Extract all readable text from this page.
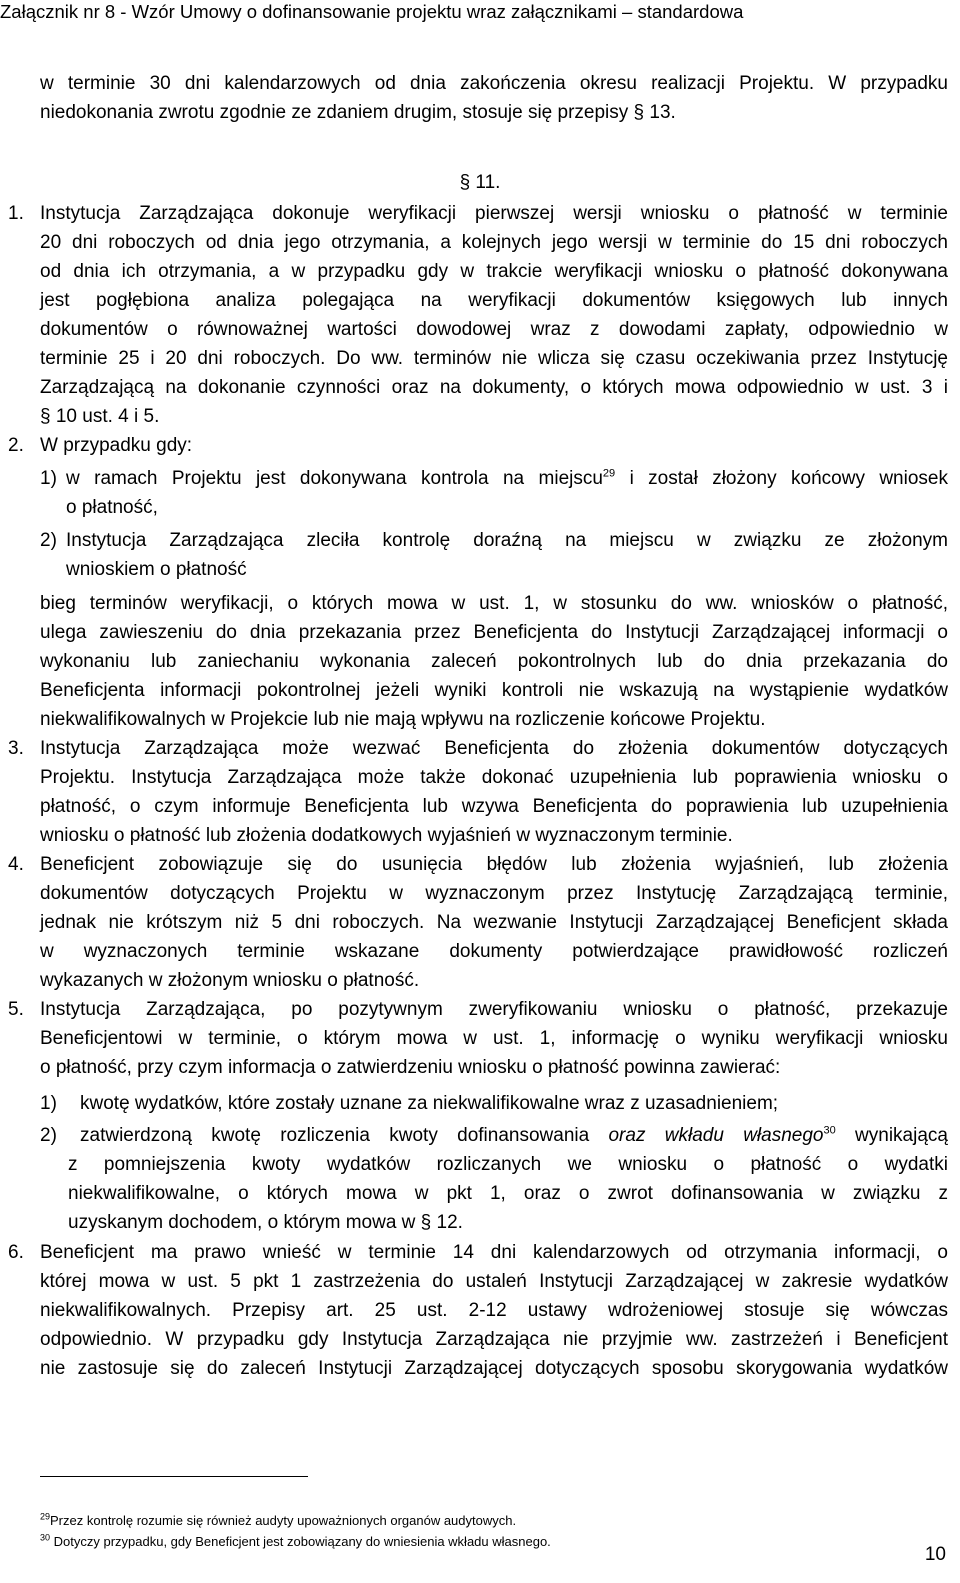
Załącznik nr 8 - Wzór Umowy o dofinansowanie projektu wraz załącznikami – standardowa
w terminie 30 dni kalendarzowych od dnia zakończenia okresu realizacji Projektu. W przypadku
niedokonania zwrotu zgodnie ze zdaniem drugim, stosuje się przepisy § 13.
§ 11.
1. Instytucja Zarządzająca dokonuje weryfikacji pierwszej wersji wniosku o płatność w terminie
20 dni roboczych od dnia jego otrzymania, a kolejnych jego wersji w terminie do 15 dni roboczych
od dnia ich otrzymania, a w przypadku gdy w trakcie weryfikacji wniosku o płatność dokonywana
jest pogłębiona analiza polegająca na weryfikacji dokumentów księgowych lub innych
dokumentów o równoważnej wartości dowodowej wraz z dowodami zapłaty, odpowiednio w
terminie 25 i 20 dni roboczych. Do ww. terminów nie wlicza się czasu oczekiwania przez Instytucję
Zarządzającą na dokonanie czynności oraz na dokumenty, o których mowa odpowiednio w ust. 3 i
§ 10 ust. 4 i 5.
2. W przypadku gdy:
1) w ramach Projektu jest dokonywana kontrola na miejscu$^{29}$ i został złożony końcowy wniosek
o płatność,
2) Instytucja Zarządzająca zleciła kontrolę doraźną na miejscu w związku ze złożonym
wnioskiem o płatność
bieg terminów weryfikacji, o których mowa w ust. 1, w stosunku do ww. wniosków o płatność,
ulega zawieszeniu do dnia przekazania przez Beneficjenta do Instytucji Zarządzającej informacji o
wykonaniu lub zaniechaniu wykonania zaleceń pokontrolnych lub do dnia przekazania do
Beneficjenta informacji pokontrolnej jeżeli wyniki kontroli nie wskazują na wystąpienie wydatków
niekwalifikowalnych w Projekcie lub nie mają wpływu na rozliczenie końcowe Projektu.
3. Instytucja Zarządzająca może wezwać Beneficjenta do złożenia dokumentów dotyczących
Projektu. Instytucja Zarządzająca może także dokonać uzupełnienia lub poprawienia wniosku o
płatność, o czym informuje Beneficjenta lub wzywa Beneficjenta do poprawienia lub uzupełnienia
wniosku o płatność lub złożenia dodatkowych wyjaśnień w wyznaczonym terminie.
4. Beneficjent zobowiązuje się do usunięcia błędów lub złożenia wyjaśnień, lub złożenia
dokumentów dotyczących Projektu w wyznaczonym przez Instytucję Zarządzającą terminie,
jednak nie krótszym niż 5 dni roboczych. Na wezwanie Instytucji Zarządzającej Beneficjent składa
w wyznaczonych terminie wskazane dokumenty potwierdzające prawidłowość rozliczeń
wykazanych w złożonym wniosku o płatność.
5. Instytucja Zarządzająca, po pozytywnym zweryfikowaniu wniosku o płatność, przekazuje
Beneficjentowi w terminie, o którym mowa w ust. 1, informację o wyniku weryfikacji wniosku
o płatność, przy czym informacja o zatwierdzeniu wniosku o płatność powinna zawierać:
1) kwotę wydatków, które zostały uznane za niekwalifikowalne wraz z uzasadnieniem;
2)	zatwierdzoną kwotę rozliczenia kwoty dofinansowania oraz wkładu własnego$^{30}$ wynikającą
z pomniejszenia kwoty wydatków rozliczanych we wniosku o płatność o wydatki
niekwalifikowalne, o których mowa w pkt 1, oraz o zwrot dofinansowania w związku z
uzyskanym dochodem, o którym mowa w § 12.
6. Beneficjent ma prawo wnieść w terminie 14 dni kalendarzowych od otrzymania informacji, o
której mowa w ust. 5 pkt 1 zastrzeżenia do ustaleń Instytucji Zarządzającej w zakresie wydatków
niekwalifikowalnych. Przepisy art. 25 ust. 2-12 ustawy wdrożeniowej stosuje się wówczas
odpowiednio. W przypadku gdy Instytucja Zarządzająca nie przyjmie ww. zastrzeżeń i Beneficjent
nie zastosuje się do zaleceń Instytucji Zarządzającej dotyczących sposobu skorygowania wydatków
$^{29}$Przez kontrolę rozumie się również audyty upoważnionych organów audytowych.
$^{30}$ Dotyczy przypadku, gdy Beneficjent jest zobowiązany do wniesienia wkładu własnego.
10
